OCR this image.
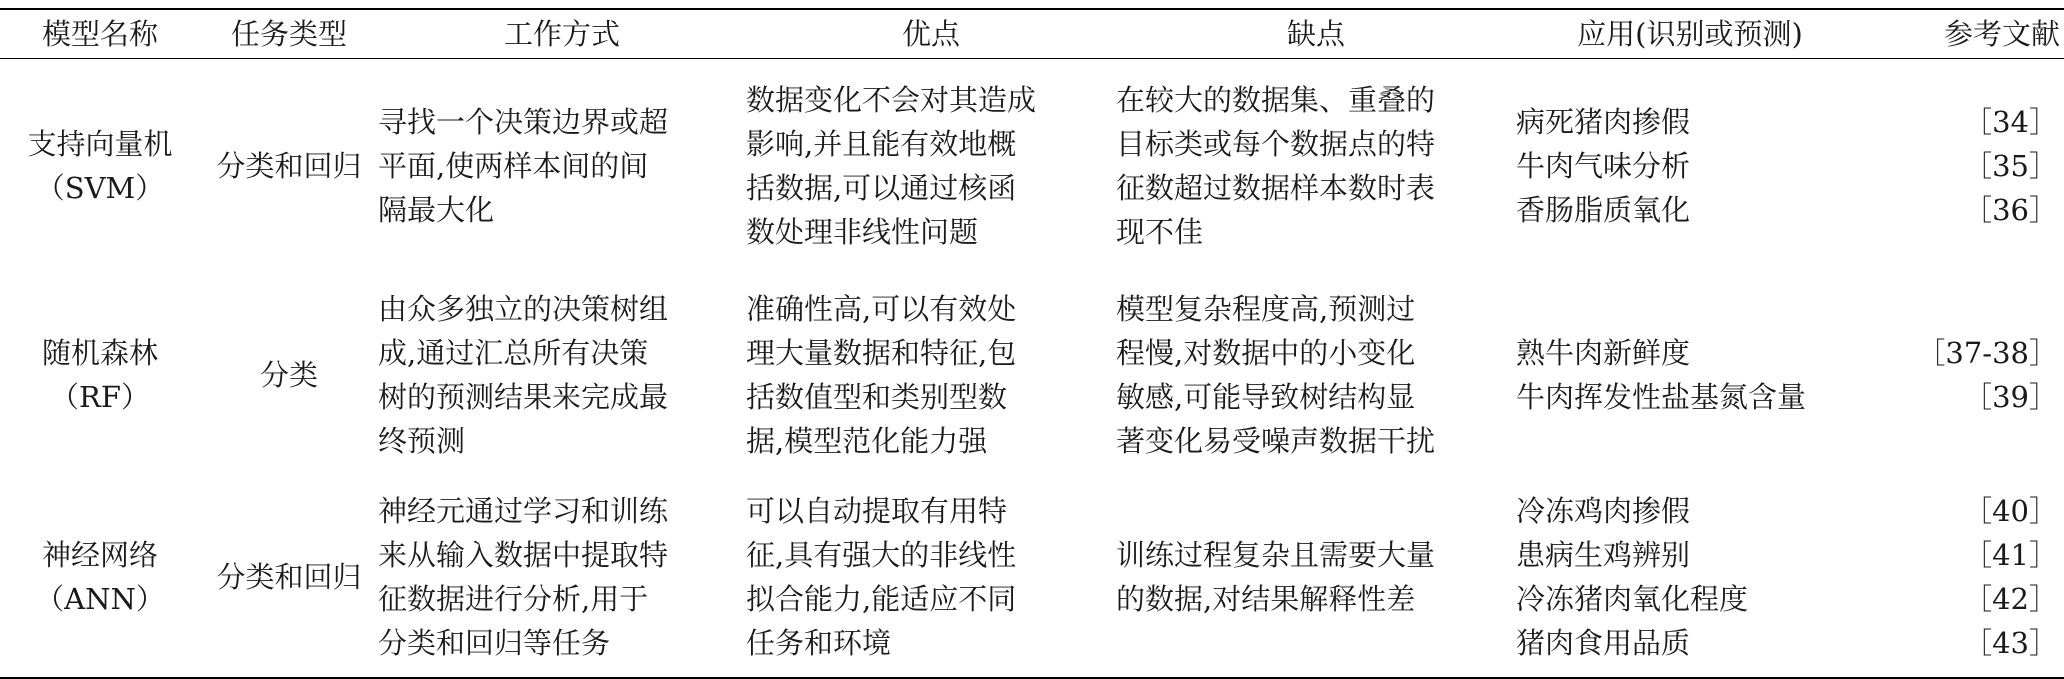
模型名称	任务类型	工作方式	优点	缺点	应用(识别或预测)	参考文献

支持向量机
（SVM）	分类和回归	寻找一个决策边界或超
平面,使两样本间的间
隔最大化	数据变化不会对其造成
影响,并且能有效地概
括数据,可以通过核函
数处理非线性问题	在较大的数据集、重叠的
目标类或每个数据点的特
征数超过数据样本数时表
现不佳	病死猪肉掺假
牛肉气味分析
香肠脂质氧化	［34］
［35］
［36］

随机森林
（RF）	分类	由众多独立的决策树组
成,通过汇总所有决策
树的预测结果来完成最
终预测	准确性高,可以有效处
理大量数据和特征,包
括数值型和类别型数
据,模型范化能力强	模型复杂程度高,预测过
程慢,对数据中的小变化
敏感,可能导致树结构显
著变化易受噪声数据干扰	熟牛肉新鲜度
牛肉挥发性盐基氮含量	［37-38］
［39］

神经网络
（ANN）	分类和回归	神经元通过学习和训练
来从输入数据中提取特
征数据进行分析,用于
分类和回归等任务	可以自动提取有用特
征,具有强大的非线性
拟合能力,能适应不同
任务和环境	训练过程复杂且需要大量
的数据,对结果解释性差	冷冻鸡肉掺假
患病生鸡辨别
冷冻猪肉氧化程度
猪肉食用品质	［40］
［41］
［42］
［43］
